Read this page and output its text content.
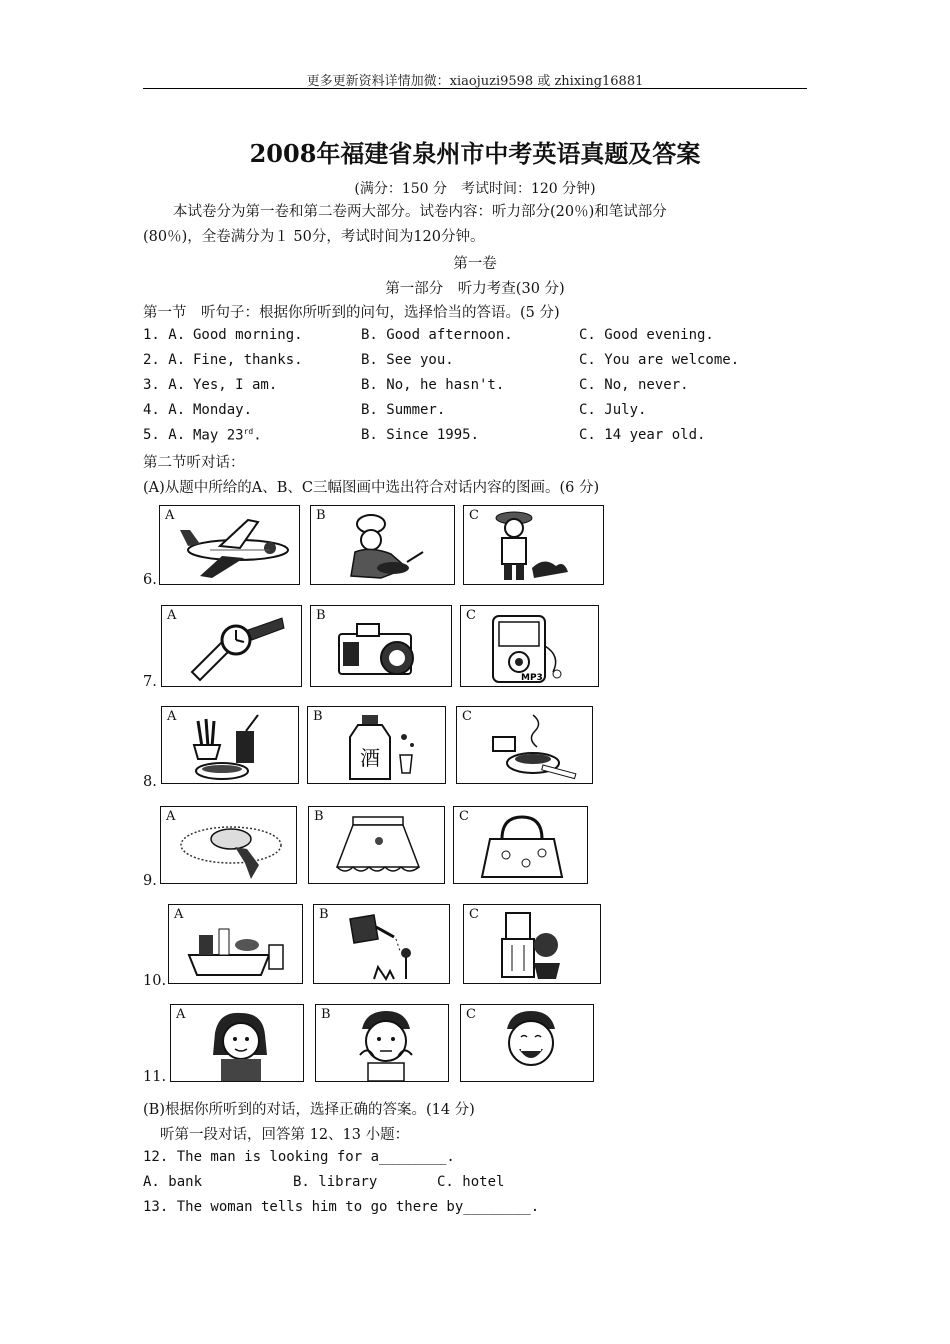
更多更新资料详情加微：xiaojuzi9598 或 zhixing16881
2008年福建省泉州市中考英语真题及答案
(满分：150 分　考试时间：120 分钟)
本试卷分为第一卷和第二卷两大部分。试卷内容：听力部分(20％)和笔试部分
(80％)，全卷满分为１ 50分，考试时间为120分钟。
第一卷
第一部分　听力考查(30 分)
第一节　听句子：根据你所听到的问句，选择恰当的答语。(5 分)
1. A. Good morning.	B. Good afternoon.	C. Good evening.
2. A. Fine, thanks.	B. See you.	C. You are welcome.
3. A. Yes, I am.	B. No, he hasn't.	C. No, never.
4. A. Monday.	B. Summer.	C. July.
5. A. May 23rd.	B. Since 1995.	C. 14 year old.
第二节听对话：
(A)从题中所给的A、B、C三幅图画中选出符合对话内容的图画。(6 分)
6.
A	B	C
7.
A	B
MP3
C
8.
A
酒
B	C
9.
A	B	C
10.
A	B	C
11.
A	B	C
(B)根据你所听到的对话，选择正确的答案。(14 分)
听第一段对话，回答第 12、13 小题：
12. The man is looking for a________.
A. bank	B. library	C. hotel
13. The woman tells him to go there by________.
